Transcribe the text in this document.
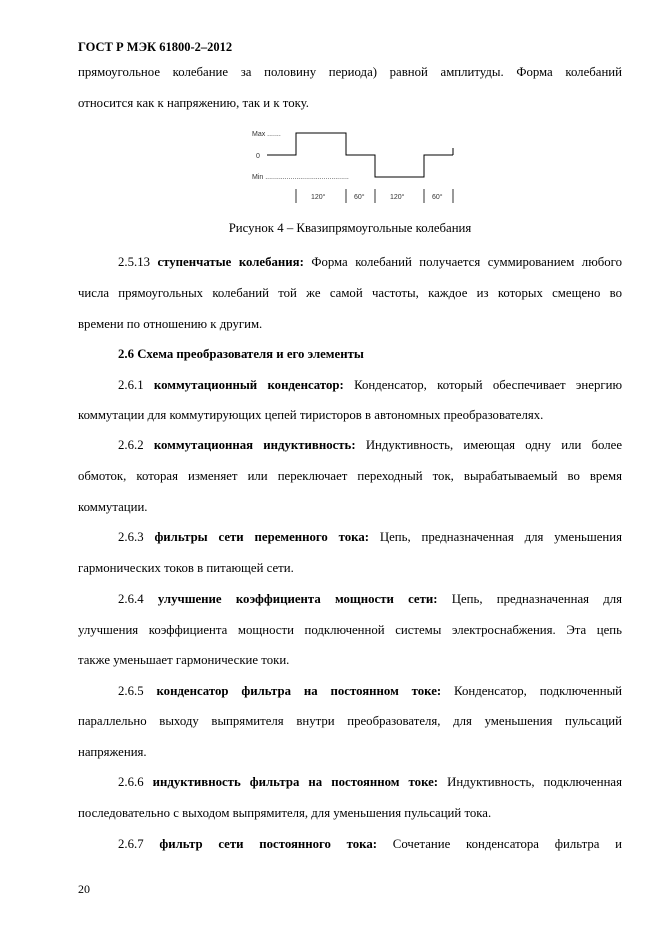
ГОСТ Р МЭК 61800-2–2012
прямоугольное колебание за половину периода) равной амплитуды. Форма колебаний
относится как к напряжению, так и к току.
Max .......
0
Min ...........................................
120°	60°	120°	60°
Рисунок 4 – Квазипрямоугольные колебания
2.5.13 ступенчатые колебания: Форма колебаний получается суммированием любого
числа прямоугольных колебаний той же самой частоты, каждое из которых смещено во
времени по отношению к другим.
2.6 Схема преобразователя и его элементы
2.6.1 коммутационный конденсатор: Конденсатор, который обеспечивает энергию
коммутации для коммутирующих цепей тиристоров в автономных преобразователях.
2.6.2 коммутационная индуктивность: Индуктивность, имеющая одну или более
обмоток, которая изменяет или переключает переходный ток, вырабатываемый во время
коммутации.
2.6.3 фильтры сети переменного тока: Цепь, предназначенная для уменьшения
гармонических токов в питающей сети.
2.6.4 улучшение коэффициента мощности сети: Цепь, предназначенная для
улучшения коэффициента мощности подключенной системы электроснабжения. Эта цепь
также уменьшает гармонические токи.
2.6.5 конденсатор фильтра на постоянном токе: Конденсатор, подключенный
параллельно выходу выпрямителя внутри преобразователя, для уменьшения пульсаций
напряжения.
2.6.6 индуктивность фильтра на постоянном токе: Индуктивность, подключенная
последовательно с выходом выпрямителя, для уменьшения пульсаций тока.
2.6.7 фильтр сети постоянного тока: Сочетание конденсатора фильтра и
20
